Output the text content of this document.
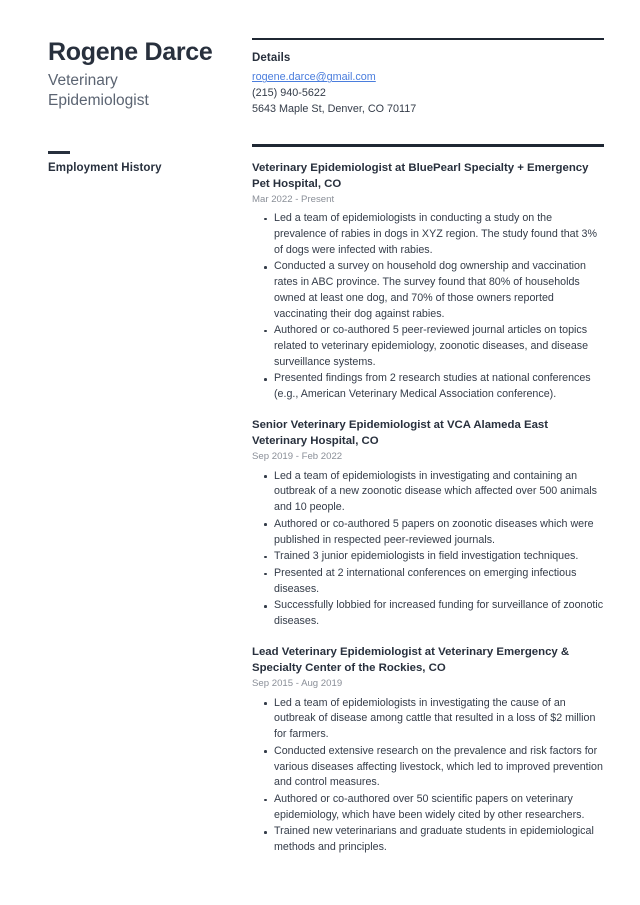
Rogene Darce
Veterinary
Epidemiologist
Employment History
Details
rogene.darce@gmail.com
(215) 940-5622
5643 Maple St, Denver, CO 70117
Veterinary Epidemiologist at BluePearl Specialty + Emergency Pet Hospital, CO
Mar 2022 - Present
Led a team of epidemiologists in conducting a study on the prevalence of rabies in dogs in XYZ region. The study found that 3% of dogs were infected with rabies.
Conducted a survey on household dog ownership and vaccination rates in ABC province. The survey found that 80% of households owned at least one dog, and 70% of those owners reported vaccinating their dog against rabies.
Authored or co-authored 5 peer-reviewed journal articles on topics related to veterinary epidemiology, zoonotic diseases, and disease surveillance systems.
Presented findings from 2 research studies at national conferences (e.g., American Veterinary Medical Association conference).
Senior Veterinary Epidemiologist at VCA Alameda East Veterinary Hospital, CO
Sep 2019 - Feb 2022
Led a team of epidemiologists in investigating and containing an outbreak of a new zoonotic disease which affected over 500 animals and 10 people.
Authored or co-authored 5 papers on zoonotic diseases which were published in respected peer-reviewed journals.
Trained 3 junior epidemiologists in field investigation techniques.
Presented at 2 international conferences on emerging infectious diseases.
Successfully lobbied for increased funding for surveillance of zoonotic diseases.
Lead Veterinary Epidemiologist at Veterinary Emergency & Specialty Center of the Rockies, CO
Sep 2015 - Aug 2019
Led a team of epidemiologists in investigating the cause of an outbreak of disease among cattle that resulted in a loss of $2 million for farmers.
Conducted extensive research on the prevalence and risk factors for various diseases affecting livestock, which led to improved prevention and control measures.
Authored or co-authored over 50 scientific papers on veterinary epidemiology, which have been widely cited by other researchers.
Trained new veterinarians and graduate students in epidemiological methods and principles.
